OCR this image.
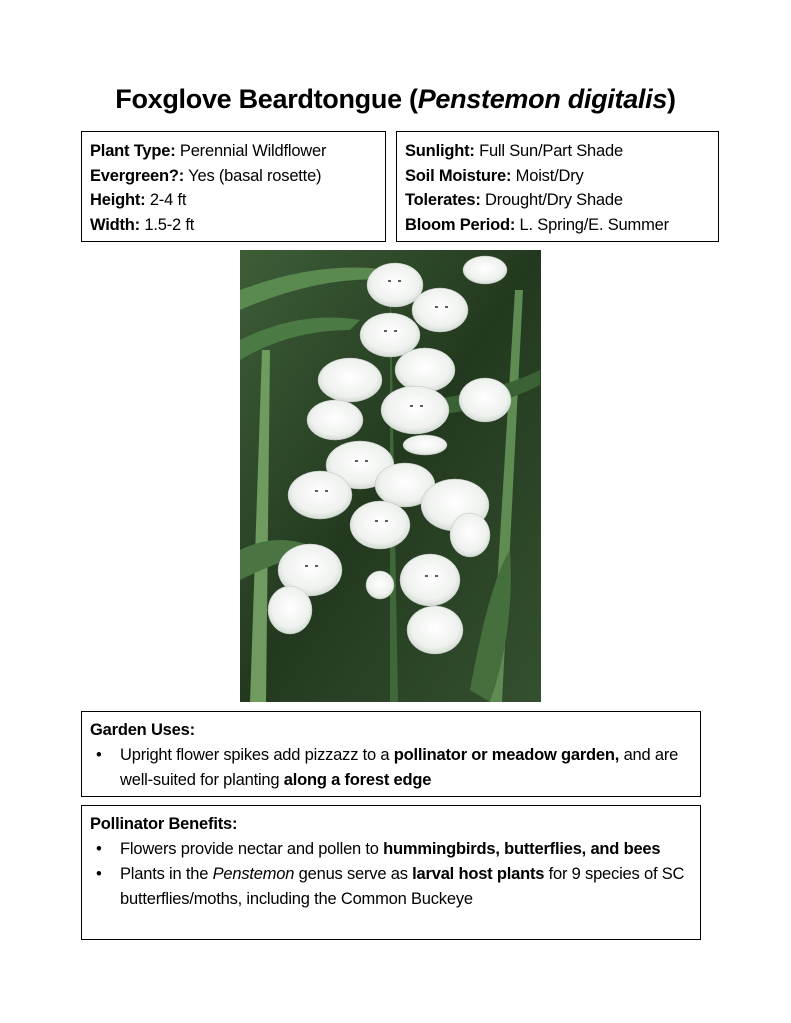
Foxglove Beardtongue (Penstemon digitalis)
Plant Type: Perennial Wildflower
Evergreen?: Yes (basal rosette)
Height: 2-4 ft
Width: 1.5-2 ft
Sunlight: Full Sun/Part Shade
Soil Moisture: Moist/Dry
Tolerates: Drought/Dry Shade
Bloom Period: L. Spring/E. Summer
Garden Uses:
• Upright flower spikes add pizzazz to a pollinator or meadow garden, and are well-suited for planting along a forest edge
Pollinator Benefits:
• Flowers provide nectar and pollen to hummingbirds, butterflies, and bees
• Plants in the Penstemon genus serve as larval host plants for 9 species of SC butterflies/moths, including the Common Buckeye
